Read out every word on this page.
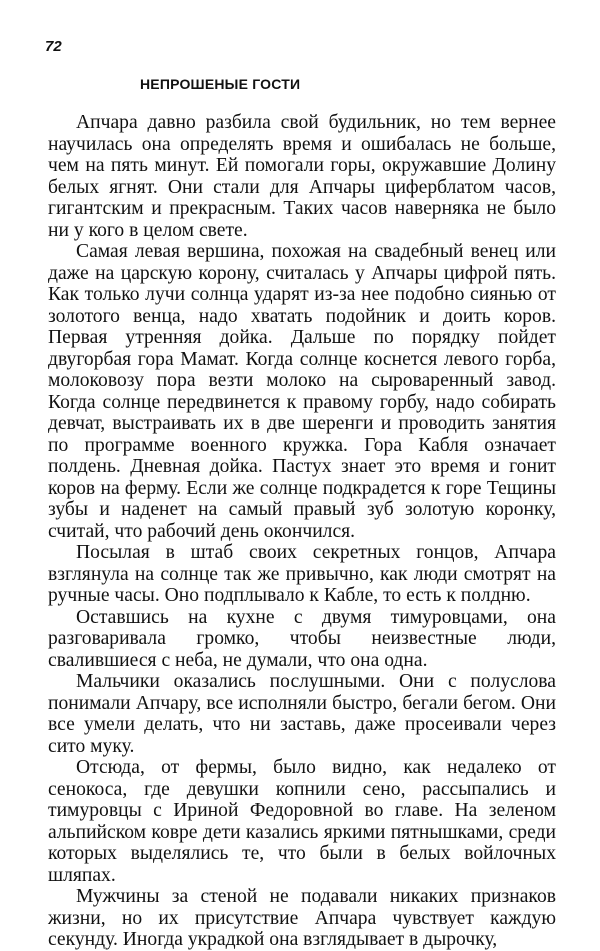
72
НЕПРОШЕНЫЕ ГОСТИ

Апчара давно разбила свой будильник, но тем вернее научилась она определять время и ошибалась не больше, чем на пять минут. Ей помогали горы, окружавшие Долину белых ягнят. Они стали для Апчары циферблатом часов, гигантским и прекрасным. Таких часов наверняка не было ни у кого в целом свете.

Самая левая вершина, похожая на свадебный венец или даже на царскую корону, считалась у Апчары цифрой пять. Как только лучи солнца ударят из-за нее подобно сиянью от золотого венца, надо хватать подойник и доить коров. Первая утренняя дойка. Дальше по порядку пойдет двугорбая гора Мамат. Когда солнце коснется левого горба, молоковозу пора везти молоко на сыроваренный завод. Когда солнце передвинется к правому горбу, надо собирать девчат, выстраивать их в две шеренги и проводить занятия по программе военного кружка. Гора Кабля означает полдень. Дневная дойка. Пастух знает это время и гонит коров на ферму. Если же солнце подкрадется к горе Тещины зубы и наденет на самый правый зуб золотую коронку, считай, что рабочий день окончился.

Посылая в штаб своих секретных гонцов, Апчара взглянула на солнце так же привычно, как люди смотрят на ручные часы. Оно подплывало к Кабле, то есть к полдню.

Оставшись на кухне с двумя тимуровцами, она разговаривала громко, чтобы неизвестные люди, свалившиеся с неба, не думали, что она одна.

Мальчики оказались послушными. Они с полуслова понимали Апчару, все исполняли быстро, бегали бегом. Они все умели делать, что ни заставь, даже просеивали через сито муку.

Отсюда, от фермы, было видно, как недалеко от сенокоса, где девушки копнили сено, рассыпались и тимуровцы с Ириной Федоровной во главе. На зеленом альпийском ковре дети казались яркими пятнышками, среди которых выделялись те, что были в белых войлочных шляпах.

Мужчины за стеной не подавали никаких признаков жизни, но их присутствие Апчара чувствует каждую секунду. Иногда украдкой она взглядывает в дырочку,
